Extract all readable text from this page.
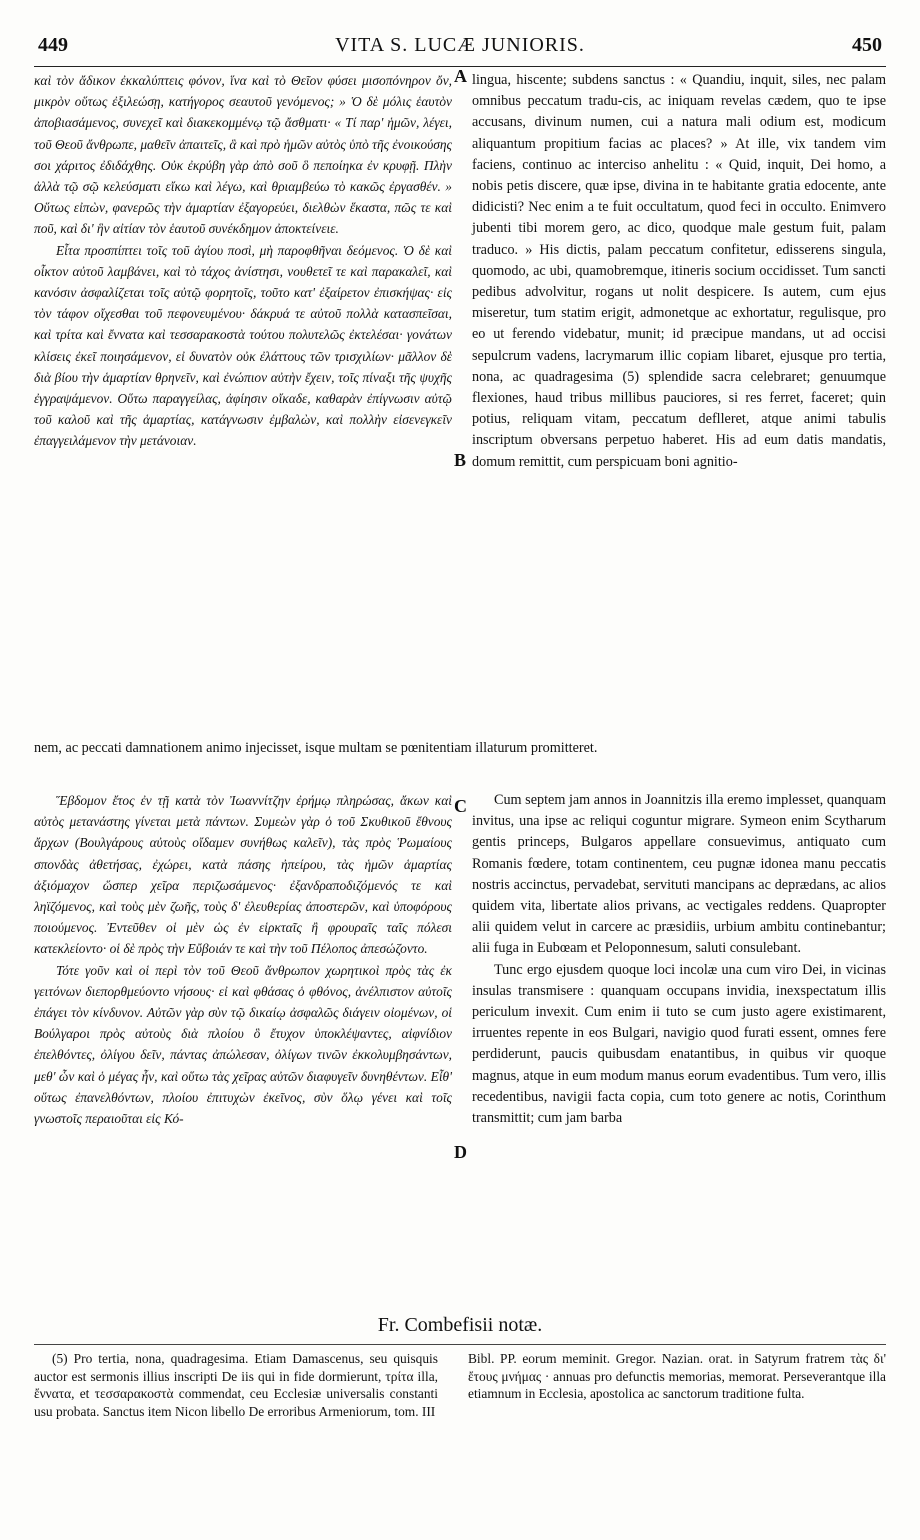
449	VITA S. LUCÆ JUNIORIS.	450

καὶ τὸν ἄδικον ἐκκαλύπτεις φόνον, ἵνα καὶ τὸ Θεῖον φύσει μισοπόνηρον ὄν, μικρὸν οὕτως ἐξιλεώσῃ, κατήγορος σεαυτοῦ γενόμενος; » Ὁ δὲ μόλις ἑαυτὸν ἀποβιασάμενος, συνεχεῖ καὶ διακεκομμένῳ τῷ ἄσθματι· « Τί παρ' ἡμῶν, λέγει, τοῦ Θεοῦ ἄνθρωπε, μαθεῖν ἀπαιτεῖς, ἃ καὶ πρὸ ἡμῶν αὐτὸς ὑπὸ τῆς ἐνοικούσης σοι χάριτος ἐδιδάχθης. Οὐκ ἐκρύβη γὰρ ἀπὸ σοῦ ὃ πεποίηκα ἐν κρυφῇ. Πλὴν ἀλλὰ τῷ σῷ κελεύσματι εἴκω καὶ λέγω, καὶ θριαμβεύω τὸ κακῶς ἐργασθέν. » Οὕτως εἰπὼν, φανερῶς τὴν ἁμαρτίαν ἐξαγορεύει, διελθὼν ἕκαστα, πῶς τε καὶ ποῦ, καὶ δι' ἣν αἰτίαν τὸν ἑαυτοῦ συνέκδημον ἀποκτείνειε.

Εἶτα προσπίπτει τοῖς τοῦ ἁγίου ποσὶ, μὴ παροφθῆναι δεόμενος. Ὁ δὲ καὶ οἶκτον αὐτοῦ λαμβάνει, καὶ τὸ τάχος ἀνίστησι, νουθετεῖ τε καὶ παρακαλεῖ, καὶ κανόσιν ἀσφαλίζεται τοῖς αὐτῷ φορητοῖς, τοῦτο κατ' ἐξαίρετον ἐπισκήψας· εἰς τὸν τάφον οἴχεσθαι τοῦ πεφονευμένου· δάκρυά τε αὐτοῦ πολλὰ κατασπεῖσαι, καὶ τρίτα καὶ ἔννατα καὶ τεσσαρακοστὰ τούτου πολυτελῶς ἐκτελέσαι· γονάτων κλίσεις ἐκεῖ ποιησάμενον, εἰ δυνατὸν οὐκ ἐλάττους τῶν τρισχιλίων· μᾶλλον δὲ διὰ βίου τὴν ἁμαρτίαν θρηνεῖν, καὶ ἐνώπιον αὐτὴν ἔχειν, τοῖς πίναξι τῆς ψυχῆς ἐγγραψάμενον. Οὕτω παραγγείλας, ἀφίησιν οἴκαδε, καθαρὰν ἐπίγνωσιν αὐτῷ τοῦ καλοῦ καὶ τῆς ἁμαρτίας, κατάγνωσιν ἐμβαλὼν, καὶ πολλὴν εἰσενεγκεῖν ἐπαγγειλάμενον τὴν μετάνοιαν.

lingua, hiscente; subdens sanctus : « Quandiu, inquit, siles, nec palam omnibus peccatum tradu-cis, ac iniquam revelas cædem, quo te ipse accusans, divinum numen, cui a natura mali odium est, modicum aliquantum propitium facias ac places? » At ille, vix tandem vim faciens, continuo ac interciso anhelitu : « Quid, inquit, Dei homo, a nobis petis discere, quæ ipse, divina in te habitante gratia edocente, ante didicisti? Nec enim a te fuit occultatum, quod feci in occulto. Enimvero jubenti tibi morem gero, ac dico, quodque male gestum fuit, palam traduco. » His dictis, palam peccatum confitetur, edisserens singula, quomodo, ac ubi, quamobremque, itineris socium occidisset. Tum sancti pedibus advolvitur, rogans ut nolit despicere. Is autem, cum ejus miseretur, tum statim erigit, admonetque ac exhortatur, regulisque, pro eo ut ferendo videbatur, munit; id præcipue mandans, ut ad occisi sepulcrum vadens, lacrymarum illic copiam libaret, ejusque pro tertia, nona, ac quadragesima (5) splendide sacra celebraret; genuumque flexiones, haud tribus millibus pauciores, si res ferret, faceret; quin potius, reliquam vitam, peccatum deflleret, atque animi tabulis inscriptum obversans perpetuo haberet. His ad eum datis mandatis, domum remittit, cum perspicuam boni agnitio-

A
B
nem, ac peccati damnationem animo injecisset, isque multam se pœnitentiam illaturum promitteret.

Ἕβδομον ἔτος ἐν τῇ κατὰ τὸν Ἰωαννίτζην ἐρήμῳ πληρώσας, ἄκων καὶ αὐτὸς μετανάστης γίνεται μετὰ πάντων. Συμεὼν γὰρ ὁ τοῦ Σκυθικοῦ ἔθνους ἄρχων (Βουλγάρους αὐτοὺς οἴδαμεν συνήθως καλεῖν), τὰς πρὸς Ῥωμαίους σπονδὰς ἀθετήσας, ἐχώρει, κατὰ πάσης ἠπείρου, τὰς ἡμῶν ἁμαρτίας ἀξιόμαχον ὥσπερ χεῖρα περιζωσάμενος· ἐξανδραποδιζόμενός τε καὶ ληϊζόμενος, καὶ τοὺς μὲν ζωῆς, τοὺς δ' ἐλευθερίας ἀποστερῶν, καὶ ὑποφόρους ποιούμενος. Ἐντεῦθεν οἱ μὲν ὡς ἐν εἱρκταῖς ἢ φρουραῖς ταῖς πόλεσι κατεκλείοντο· οἱ δὲ πρὸς τὴν Εὔβοιάν τε καὶ τὴν τοῦ Πέλοπος ἀπεσώζοντο.

Τότε γοῦν καὶ οἱ περὶ τὸν τοῦ Θεοῦ ἄνθρωπον χωρητικοὶ πρὸς τὰς ἐκ γειτόνων διεπορθμεύοντο νήσους· εἰ καὶ φθάσας ὁ φθόνος, ἀνέλπιστον αὐτοῖς ἐπάγει τὸν κίνδυνον. Αὐτῶν γὰρ σὺν τῷ δικαίῳ ἀσφαλῶς διάγειν οἰομένων, οἱ Βούλγαροι πρὸς αὐτοὺς διὰ πλοίου ὃ ἔτυχον ὑποκλέψαντες, αἰφνίδιον ἐπελθόντες, ὀλίγου δεῖν, πάντας ἀπώλεσαν, ὀλίγων τινῶν ἐκκολυμβησάντων, μεθ' ὧν καὶ ὁ μέγας ἦν, καὶ οὕτω τὰς χεῖρας αὐτῶν διαφυγεῖν δυνηθέντων. Εἶθ' οὕτως ἐπανελθόντων, πλοίου ἐπιτυχὼν ἐκεῖνος, σὺν ὅλῳ γένει καὶ τοῖς γνωστοῖς περαιοῦται εἰς Κό-

Cum septem jam annos in Joannitzis illa eremo implesset, quanquam invitus, una ipse ac reliqui coguntur migrare. Symeon enim Scytharum gentis princeps, Bulgaros appellare consuevimus, antiquato cum Romanis fœdere, totam continentem, ceu pugnæ idonea manu peccatis nostris accinctus, pervadebat, servituti mancipans ac deprædans, ac alios quidem vita, libertate alios privans, ac vectigales reddens. Quapropter alii quidem velut in carcere ac præsidiis, urbium ambitu continebantur; alii fuga in Eubœam et Peloponnesum, saluti consulebant.

Tunc ergo ejusdem quoque loci incolæ una cum viro Dei, in vicinas insulas transmisere : quanquam occupans invidia, inexspectatum illis periculum invexit. Cum enim ii tuto se cum justo agere existimarent, irruentes repente in eos Bulgari, navigio quod furati essent, omnes fere perdiderunt, paucis quibusdam enatantibus, in quibus vir quoque magnus, atque in eum modum manus eorum evadentibus. Tum vero, illis recedentibus, navigii facta copia, cum toto genere ac notis, Corinthum transmittit; cum jam barba

C
D
Fr. Combefisii notæ.

(5) Pro tertia, nona, quadragesima. Etiam Damascenus, seu quisquis auctor est sermonis illius inscripti De iis qui in fide dormierunt, τρίτα illa, ἔννατα, et τεσσαρακοστὰ commendat, ceu Ecclesiæ universalis constanti usu probata. Sanctus item Nicon libello De erroribus Armeniorum, tom. III

Bibl. PP. eorum meminit. Gregor. Nazian. orat. in Satyrum fratrem τὰς δι' ἔτους μνήμας · annuas pro defunctis memorias, memorat. Perseverantque illa etiamnum in Ecclesia, apostolica ac sanctorum traditione fulta.
